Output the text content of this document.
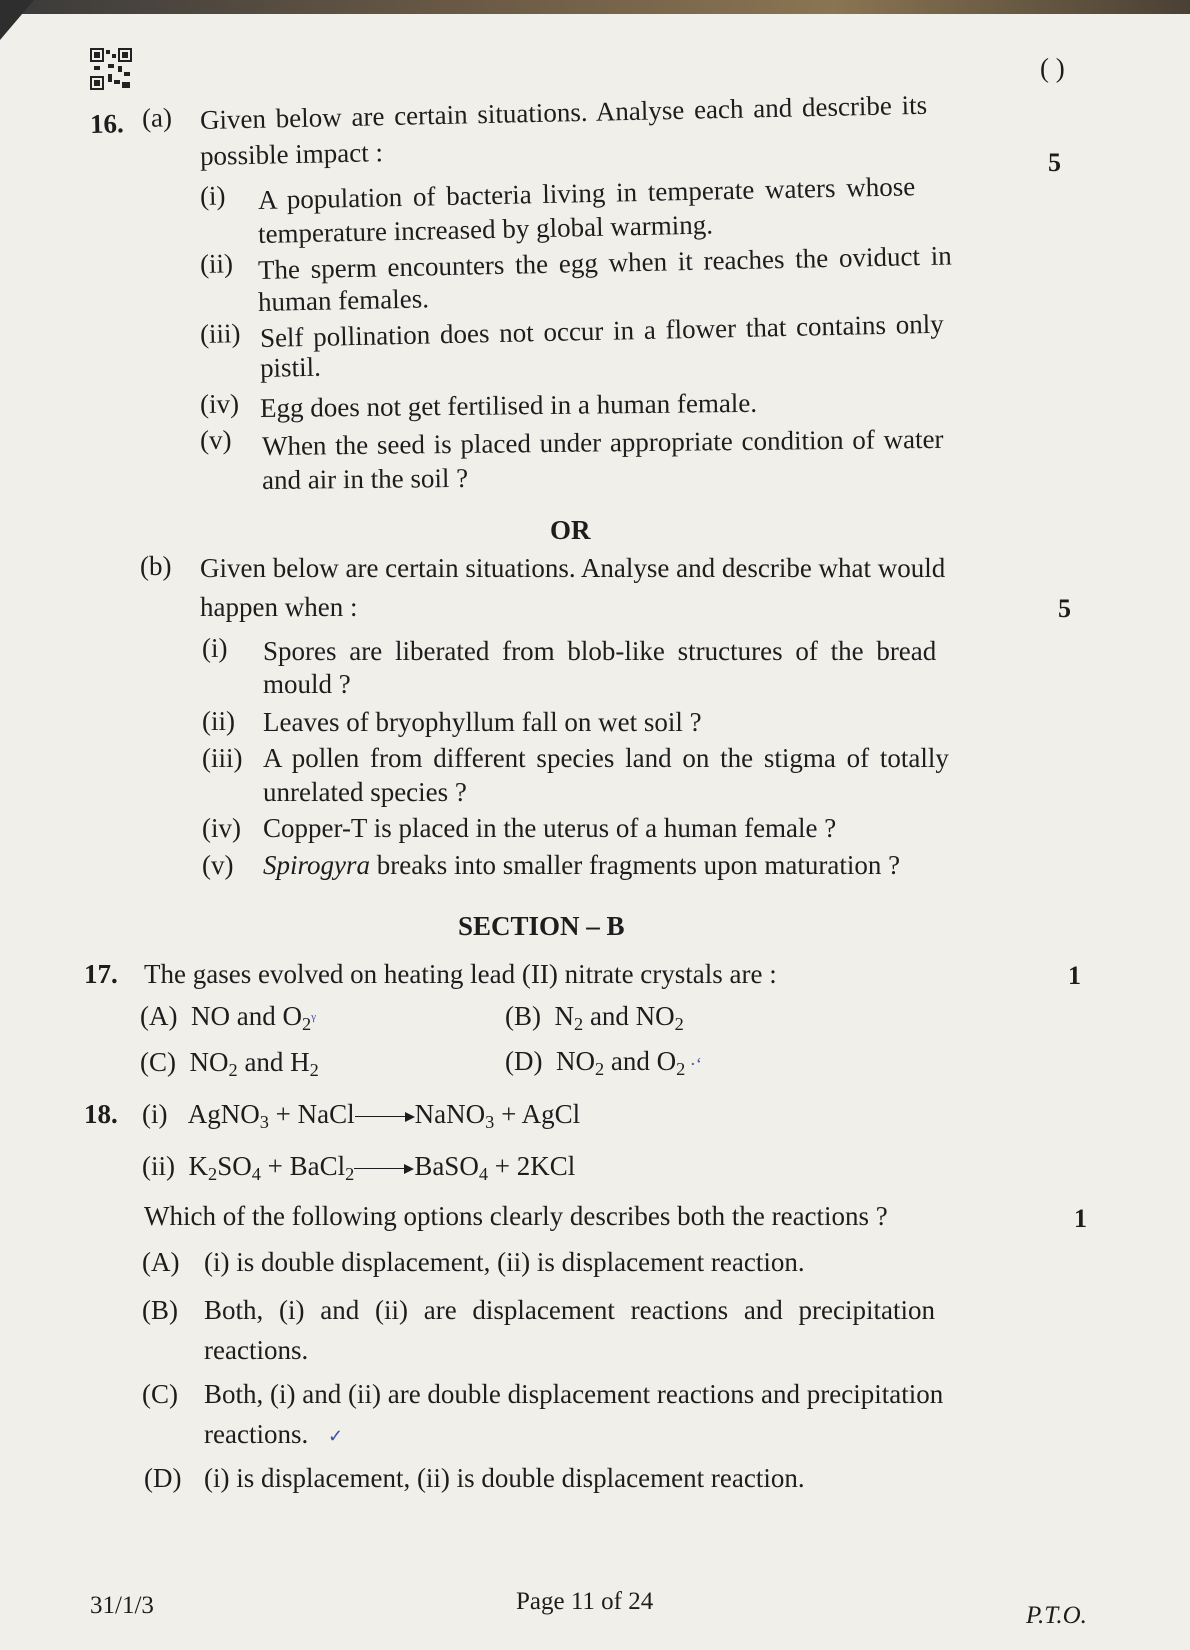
( )
16. (a) Given below are certain situations. Analyse each and describe its
possible impact :	5
(i) A population of bacteria living in temperate waters whose
temperature increased by global warming.
(ii) The sperm encounters the egg when it reaches the oviduct in
human females.
(iii) Self pollination does not occur in a flower that contains only
pistil.
(iv) Egg does not get fertilised in a human female.
(v) When the seed is placed under appropriate condition of water
and air in the soil ?
OR
(b) Given below are certain situations. Analyse and describe what would
happen when :	5
(i) Spores are liberated from blob-like structures of the bread
mould ?
(ii) Leaves of bryophyllum fall on wet soil ?
(iii) A pollen from different species land on the stigma of totally
unrelated species ?
(iv) Copper-T is placed in the uterus of a human female ?
(v) Spirogyra breaks into smaller fragments upon maturation ?
SECTION – B
17. The gases evolved on heating lead (II) nitrate crystals are :	1
(A) NO and $O_2ᵞ$	(B) $N_2$ and $NO_2$
(C) $NO_2$ and $H_2$	(D) $NO_2$ and $O_2$ ·ʻ
18. (i) AgNO$_3$ + NaCl NaNO$_3$ + AgCl
(ii) $K_2SO_4$ + BaCl$_2$ BaSO$_4$ + 2KCl
Which of the following options clearly describes both the reactions ?	1
(A) (i) is double displacement, (ii) is displacement reaction.
(B) Both, (i) and (ii) are displacement reactions and precipitation
reactions.
(C) Both, (i) and (ii) are double displacement reactions and precipitation
reactions. ✓
(D) (i) is displacement, (ii) is double displacement reaction.
31/1/3	Page 11 of 24
P.T.O.
